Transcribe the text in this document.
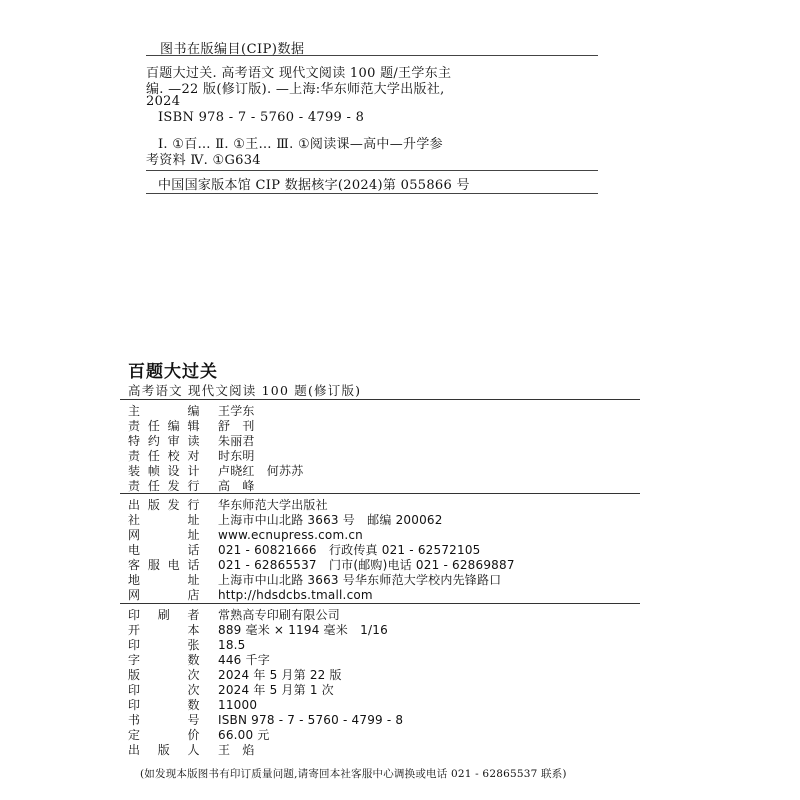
图书在版编目(CIP)数据
百题大过关. 高考语文 现代文阅读 100 题/王学东主
编. —22 版(修订版). —上海:华东师范大学出版社,
2024
ISBN 978 - 7 - 5760 - 4799 - 8
Ⅰ. ①百… Ⅱ. ①王… Ⅲ. ①阅读课—高中—升学参
考资料 Ⅳ. ①G634
中国国家版本馆 CIP 数据核字(2024)第 055866 号
百题大过关
高考语文 现代文阅读 100 题(修订版)
主　　编 王学东
责任编辑 舒　刊
特约审读 朱丽君
责任校对 时东明
装帧设计 卢晓红　何苏苏
责任发行 高　峰
出版发行 华东师范大学出版社
社　　址 上海市中山北路 3663 号　邮编 200062
网　　址 www.ecnupress.com.cn
电　　话 021 - 60821666　行政传真 021 - 62572105
客服电话 021 - 62865537　门市(邮购)电话 021 - 62869887
地　　址 上海市中山北路 3663 号华东师范大学校内先锋路口
网　　店 http://hdsdcbs.tmall.com
印 刷 者 常熟高专印刷有限公司
开　　本 889 毫米 × 1194 毫米　1/16
印　　张 18.5
字　　数 446 千字
版　　次 2024 年 5 月第 22 版
印　　次 2024 年 5 月第 1 次
印　　数 11000
书　　号 ISBN 978 - 7 - 5760 - 4799 - 8
定　　价 66.00 元
出 版 人 王　焰
(如发现本版图书有印订质量问题,请寄回本社客服中心调换或电话 021 - 62865537 联系)
